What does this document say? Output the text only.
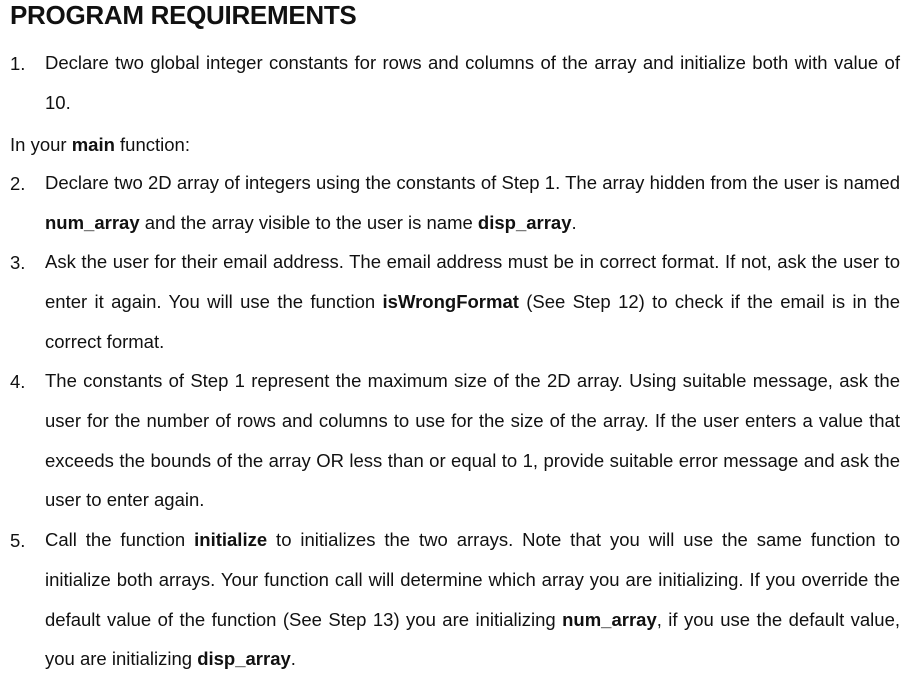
PROGRAM REQUIREMENTS
1.	Declare two global integer constants for rows and columns of the array and initialize both with value of 10.
In your main function:
2.	Declare two 2D array of integers using the constants of Step 1. The array hidden from the user is named num_array and the array visible to the user is name disp_array.
3.	Ask the user for their email address. The email address must be in correct format. If not, ask the user to enter it again. You will use the function isWrongFormat (See Step 12) to check if the email is in the correct format.
4.	The constants of Step 1 represent the maximum size of the 2D array. Using suitable message, ask the user for the number of rows and columns to use for the size of the array. If the user enters a value that exceeds the bounds of the array OR less than or equal to 1, provide suitable error message and ask the user to enter again.
5.	Call the function initialize to initializes the two arrays. Note that you will use the same function to initialize both arrays. Your function call will determine which array you are initializing. If you override the default value of the function (See Step 13) you are initializing num_array, if you use the default value, you are initializing disp_array.
